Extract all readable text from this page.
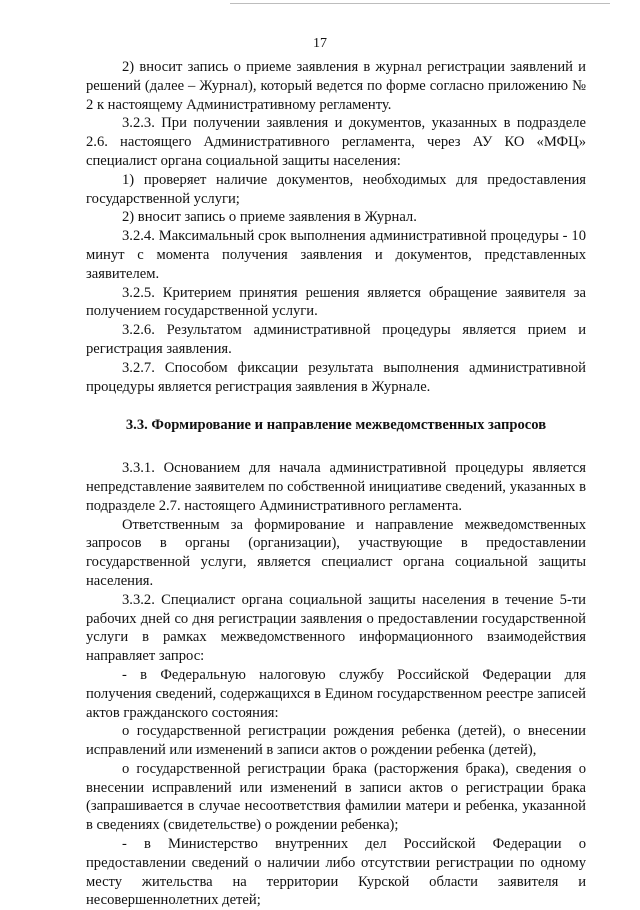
17

2) вносит запись о приеме заявления в журнал регистрации заявлений и решений (далее – Журнал), который ведется по форме согласно приложению № 2 к настоящему Административному регламенту.

3.2.3. При получении заявления и документов, указанных в подразделе 2.6. настоящего Административного регламента, через АУ КО «МФЦ» специалист органа социальной защиты населения:

1) проверяет наличие документов, необходимых для предоставления государственной услуги;

2) вносит запись о приеме заявления в Журнал.

3.2.4. Максимальный срок выполнения административной процедуры - 10 минут с момента получения заявления и документов, представленных заявителем.

3.2.5. Критерием принятия решения является обращение заявителя за получением государственной услуги.

3.2.6. Результатом административной процедуры является прием и регистрация заявления.

3.2.7. Способом фиксации результата выполнения административной процедуры является регистрация заявления в Журнале.

3.3. Формирование и направление межведомственных запросов

3.3.1. Основанием для начала административной процедуры является непредставление заявителем по собственной инициативе сведений, указанных в подразделе 2.7. настоящего Административного регламента.

Ответственным за формирование и направление межведомственных запросов в органы (организации), участвующие в предоставлении государственной услуги, является специалист органа социальной защиты населения.

3.3.2. Специалист органа социальной защиты населения в течение 5-ти рабочих дней со дня регистрации заявления о предоставлении государственной услуги в рамках межведомственного информационного взаимодействия направляет запрос:

- в Федеральную налоговую службу Российской Федерации для получения сведений, содержащихся в Едином государственном реестре записей актов гражданского состояния:

о государственной регистрации рождения ребенка (детей), о внесении исправлений или изменений в записи актов о рождении ребенка (детей),

о государственной регистрации брака (расторжения брака), сведения о внесении исправлений или изменений в записи актов о регистрации брака (запрашивается в случае несоответствия фамилии матери и ребенка, указанной в сведениях (свидетельстве) о рождении ребенка);

- в Министерство внутренних дел Российской Федерации о предоставлении сведений о наличии либо отсутствии регистрации по одному месту жительства на территории Курской области заявителя и несовершеннолетних детей;
